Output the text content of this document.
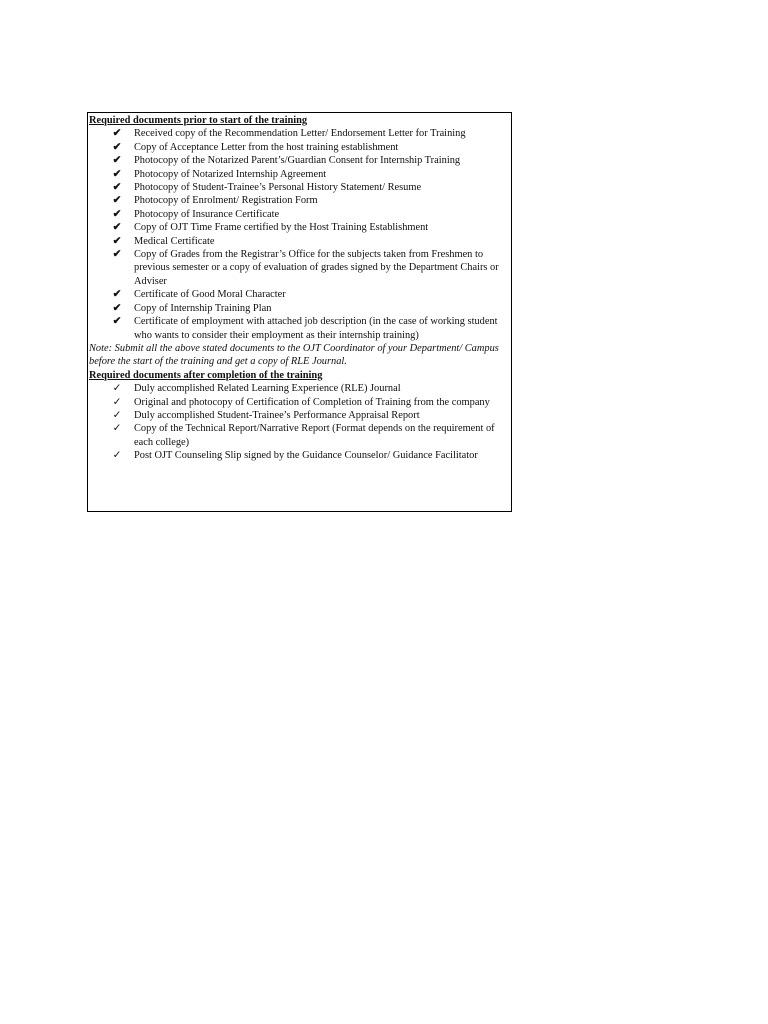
Required documents prior to start of the training
✔ Received copy of the Recommendation Letter/ Endorsement Letter for Training
✔ Copy of Acceptance Letter from the host training establishment
✔ Photocopy of the Notarized Parent’s/Guardian Consent for Internship Training
✔ Photocopy of Notarized Internship Agreement
✔ Photocopy of Student-Trainee’s Personal History Statement/ Resume
✔ Photocopy of Enrolment/ Registration Form
✔ Photocopy of Insurance Certificate
✔ Copy of OJT Time Frame certified by the Host Training Establishment
✔ Medical Certificate
✔ Copy of Grades from the Registrar’s Office for the subjects taken from Freshmen to previous semester or a copy of evaluation of grades signed by the Department Chairs or Adviser
✔ Certificate of Good Moral Character
✔ Copy of Internship Training Plan
✔ Certificate of employment with attached job description (in the case of working student who wants to consider their employment as their internship training)
Note: Submit all the above stated documents to the OJT Coordinator of your Department/ Campus before the start of the training and get a copy of RLE Journal.
Required documents after completion of the training
✓ Duly accomplished Related Learning Experience (RLE) Journal
✓ Original and photocopy of Certification of Completion of Training from the company
✓ Duly accomplished Student-Trainee’s Performance Appraisal Report
✓ Copy of the Technical Report/Narrative Report (Format depends on the requirement of each college)
✓ Post OJT Counseling Slip signed by the Guidance Counselor/ Guidance Facilitator
